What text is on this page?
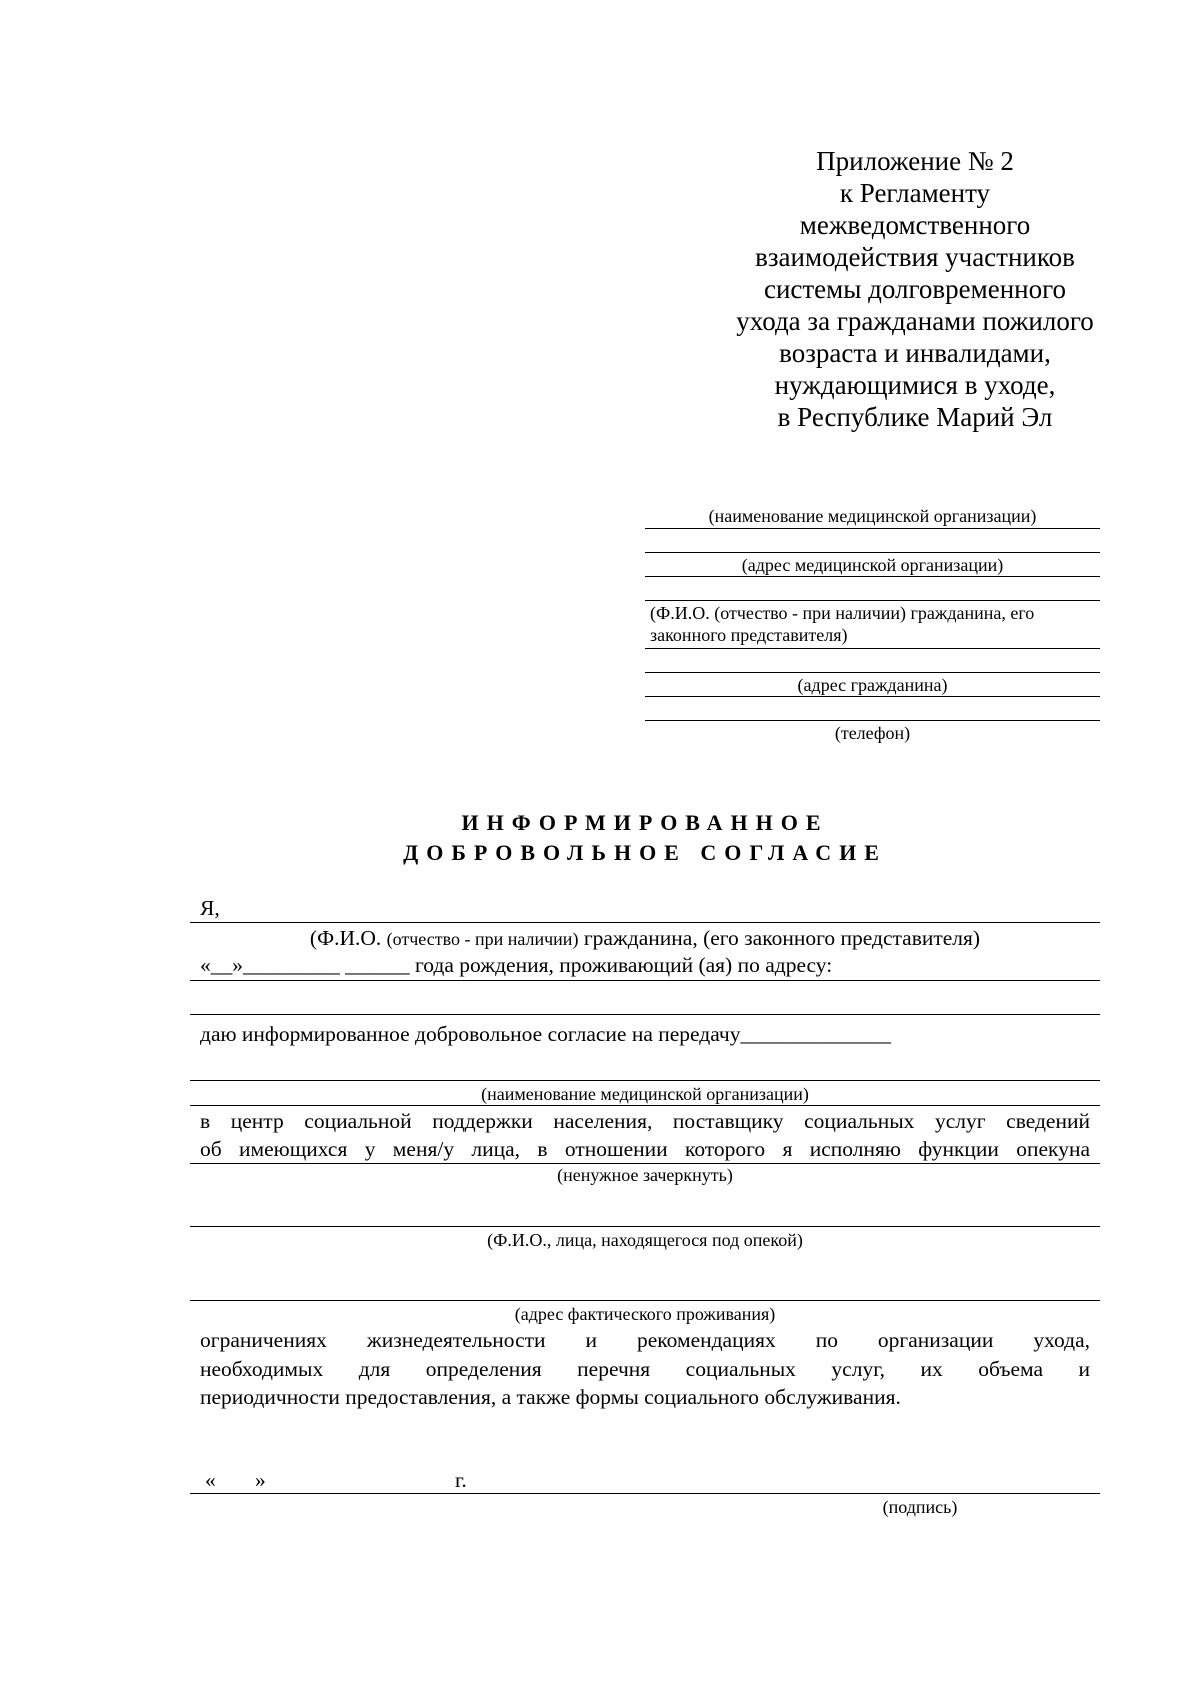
Приложение № 2
к Регламенту
межведомственного
взаимодействия участников
системы долговременного
ухода за гражданами пожилого
возраста и инвалидами,
нуждающимися в уходе,
в Республике Марий Эл
(наименование медицинской организации)
(адрес медицинской организации)
(Ф.И.О. (отчество - при наличии) гражданина, его
законного представителя)
(адрес гражданина)
(телефон)
ИНФОРМИРОВАННОЕ
ДОБРОВОЛЬНОЕ СОГЛАСИЕ
Я,
(Ф.И.О. (отчество - при наличии) гражданина, (его законного представителя)
«__»_________ ______ года рождения, проживающий (ая) по адресу:
даю информированное добровольное согласие на передачу______________
(наименование медицинской организации)
в центр социальной поддержки населения, поставщику социальных услуг сведений
об имеющихся у меня/у лица, в отношении которого я исполняю функции опекуна
(ненужное зачеркнуть)
(Ф.И.О., лица, находящегося под опекой)
(адрес фактического проживания)
ограничениях жизнедеятельности и рекомендациях по организации ухода,
необходимых для определения перечня социальных услуг, их объема и
периодичности предоставления, а также формы социального обслуживания.
« »	г.
(подпись)
